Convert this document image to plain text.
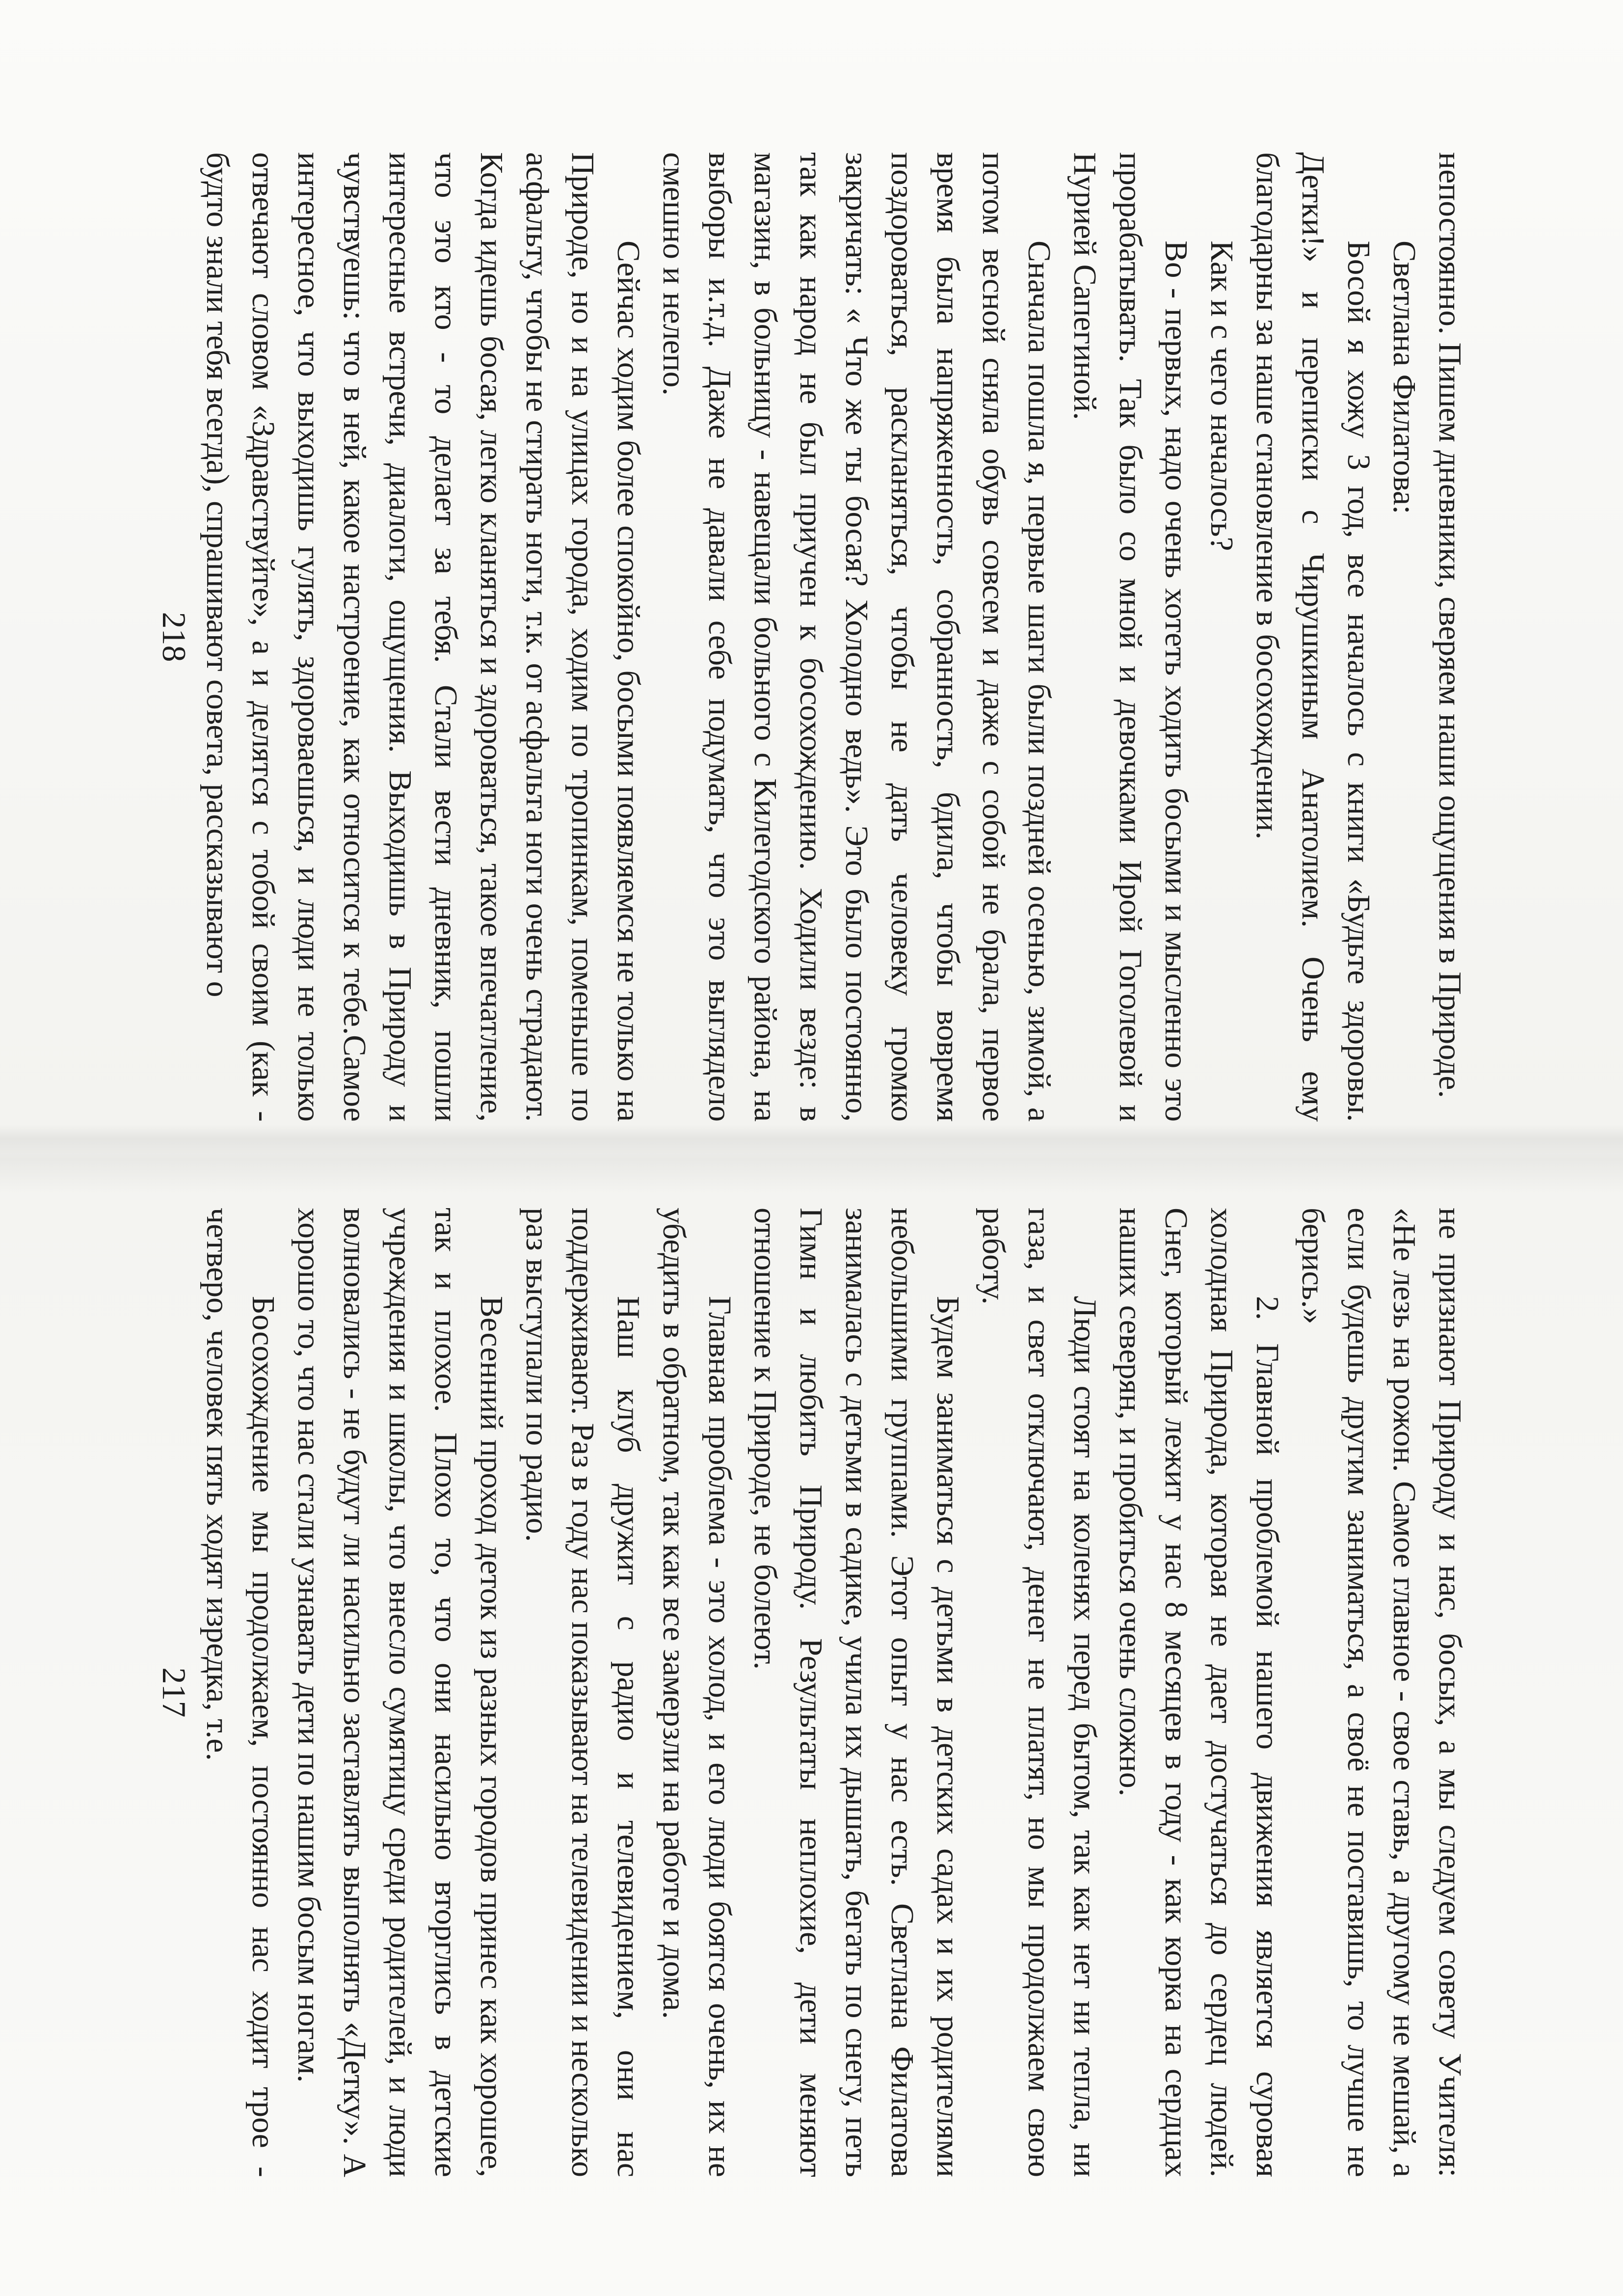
непостоянно. Пишем дневники, сверяем наши ощущения в Природе.

Светлана Филатова:

Босой я хожу 3 год, все началось с книги «Будьте здоровы. Детки!» и переписки с Чирушкиным Анатолием. Очень ему благодарны за наше становление в босохождении.

Как и с чего началось?

Во - первых, надо очень хотеть ходить босыми и мысленно это прорабатывать. Так было со мной и девочками Ирой Гоголевой и Нурией Сапегиной.

Сначала пошла я, первые шаги были поздней осенью, зимой, а потом весной сняла обувь совсем и даже с собой не брала, первое время была напряженность, собранность, бдила, чтобы вовремя поздороваться, раскланяться, чтобы не дать человеку громко закричать: « Что же ты босая? Холодно ведь». Это было постоянно, так как народ не был приучен к босохождению. Ходили везде: в магазин, в больницу - навещали больного с Килегодского района, на выборы и.т.д. Даже не давали себе подумать, что это выглядело смешно и нелепо.

Сейчас ходим более спокойно, босыми появляемся не только на Природе, но и на улицах города, ходим по тропинкам, поменьше по асфальту, чтобы не стирать ноги, т.к. от асфальта ноги очень страдают. Когда идешь босая, легко кланяться и здороваться, такое впечатление, что это кто - то делает за тебя. Стали вести дневник, пошли интересные встречи, диалоги, ощущения. Выходишь в Природу и чувствуешь: что в ней, какое настроение, как относится к тебе.Самое интересное, что выходишь гулять, здороваешься, и люди не только отвечают словом «Здравствуйте», а и делятся с тобой своим (как - будто знали тебя всегда), спрашивают совета, рассказывают о

218

не признают Природу и нас, босых, а мы следуем совету Учителя: «Не лезь на рожон. Самое главное - свое ставь, а другому не мешай, а если будешь другим заниматься, а своё не поставишь, то лучше не берись.»

2. Главной проблемой нашего движения является суровая холодная Природа, которая не дает достучаться до сердец людей. Снег, который лежит у нас 8 месяцев в году - как корка на сердцах наших северян, и пробиться очень сложно.

Люди стоят на коленях перед бытом, так как нет ни тепла, ни газа, и свет отключают, денег не платят, но мы продолжаем свою работу.

Будем заниматься с детьми в детских садах и их родителями небольшими группами. Этот опыт у нас есть. Светлана Филатова занималась с детьми в садике, учила их дышать, бегать по снегу, петь Гимн и любить Природу. Результаты неплохие, дети меняют отношение к Природе, не болеют.

Главная проблема - это холод, и его люди боятся очень, их не убедить в обратном, так как все замерзли на работе и дома.

Наш клуб дружит с радио и телевидением, они нас поддерживают. Раз в году нас показывают на телевидении и несколько раз выступали по радио.

Весенний проход деток из разных городов принес как хорошее, так и плохое. Плохо то, что они насильно вторглись в детские учреждения и школы, что внесло сумятицу среди родителей, и люди волновались - не будут ли насильно заставлять выполнять «Детку». А хорошо то, что нас стали узнавать дети по нашим босым ногам.

Босохождение мы продолжаем, постоянно нас ходит трое - четверо, человек пять ходят изредка, т.е.

217
